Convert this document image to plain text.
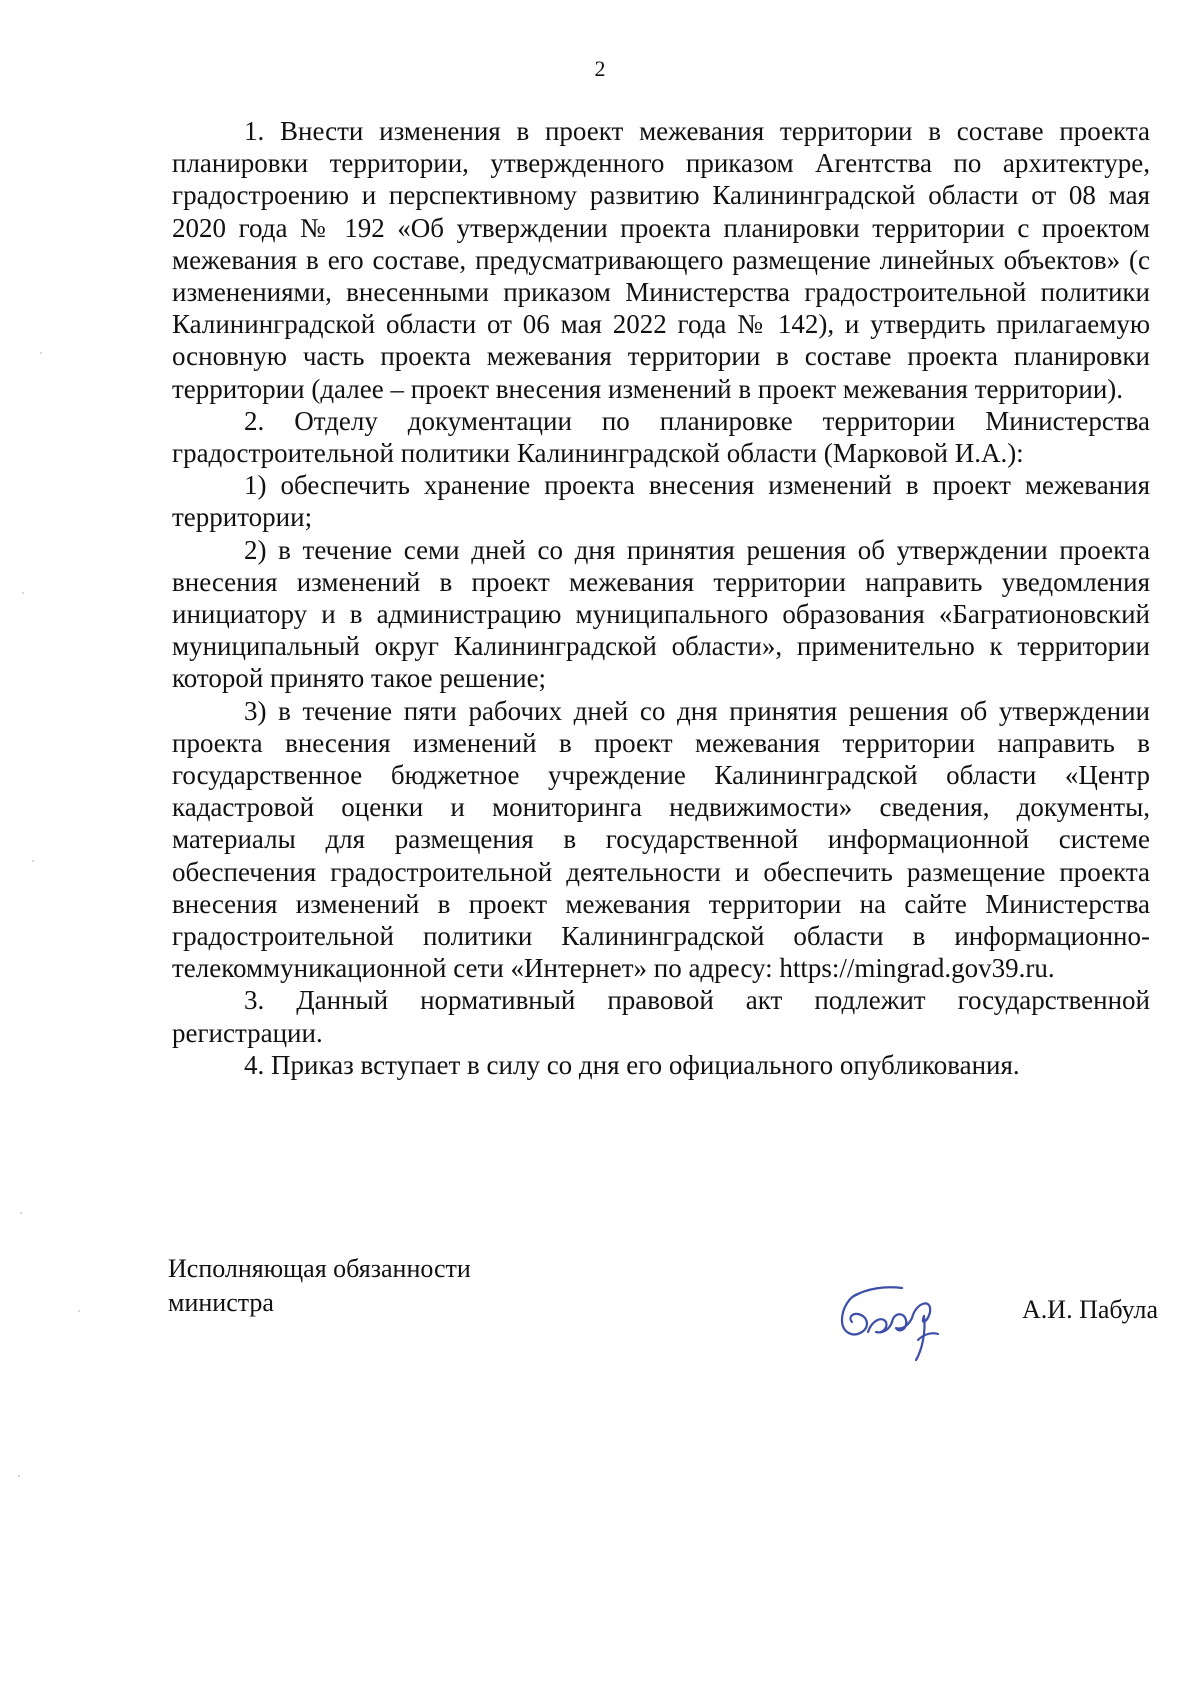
2

1. Внести изменения в проект межевания территории в составе проекта планировки территории, утвержденного приказом Агентства по архитектуре, градостроению и перспективному развитию Калининградской области от 08 мая 2020 года № 192 «Об утверждении проекта планировки территории с проектом межевания в его составе, предусматривающего размещение линейных объектов» (с изменениями, внесенными приказом Министерства градостроительной политики Калининградской области от 06 мая 2022 года № 142), и утвердить прилагаемую основную часть проекта межевания территории в составе проекта планировки территории (далее – проект внесения изменений в проект межевания территории).

2. Отделу документации по планировке территории Министерства градостроительной политики Калининградской области (Марковой И.А.):

1) обеспечить хранение проекта внесения изменений в проект межевания территории;

2) в течение семи дней со дня принятия решения об утверждении проекта внесения изменений в проект межевания территории направить уведомления инициатору и в администрацию муниципального образования «Багратионовский муниципальный округ Калининградской области», применительно к территории которой принято такое решение;

3) в течение пяти рабочих дней со дня принятия решения об утверждении проекта внесения изменений в проект межевания территории направить в государственное бюджетное учреждение Калининградской области «Центр кадастровой оценки и мониторинга недвижимости» сведения, документы, материалы для размещения в государственной информационной системе обеспечения градостроительной деятельности и обеспечить размещение проекта внесения изменений в проект межевания территории на сайте Министерства градостроительной политики Калининградской области в информационно-телекоммуникационной сети «Интернет» по адресу: https://mingrad.gov39.ru.

3. Данный нормативный правовой акт подлежит государственной регистрации.

4. Приказ вступает в силу со дня его официального опубликования.

Исполняющая обязанности
министра	А.И. Пабула
